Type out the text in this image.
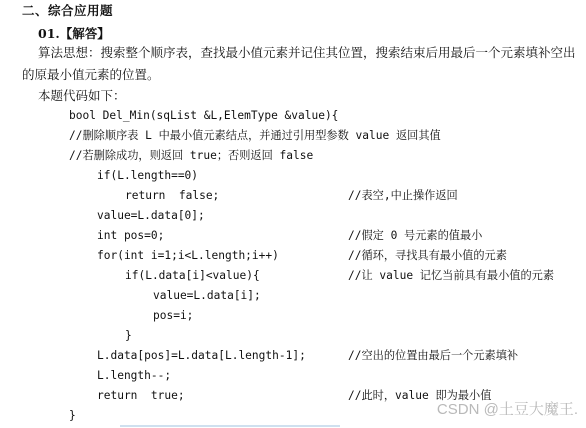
二、综合应用题
01.【解答】
算法思想：搜索整个顺序表，查找最小值元素并记住其位置，搜索结束后用最后一个元素填补空出的原最小值元素的位置。
本题代码如下：
bool Del_Min(sqList &L,ElemType &value){
//删除顺序表 L 中最小值元素结点，并通过引用型参数 value 返回其值
//若删除成功，则返回 true；否则返回 false
if(L.length==0)
return  false;	//表空,中止操作返回
value=L.data[0];
int pos=0;	//假定 0 号元素的值最小
for(int i=1;i<L.length;i++)	//循环，寻找具有最小值的元素
if(L.data[i]<value){	//让 value 记忆当前具有最小值的元素
value=L.data[i];
pos=i;
}
L.data[pos]=L.data[L.length-1];	//空出的位置由最后一个元素填补
L.length--;
return  true;	//此时，value 即为最小值
}	CSDN @土豆大魔王.
